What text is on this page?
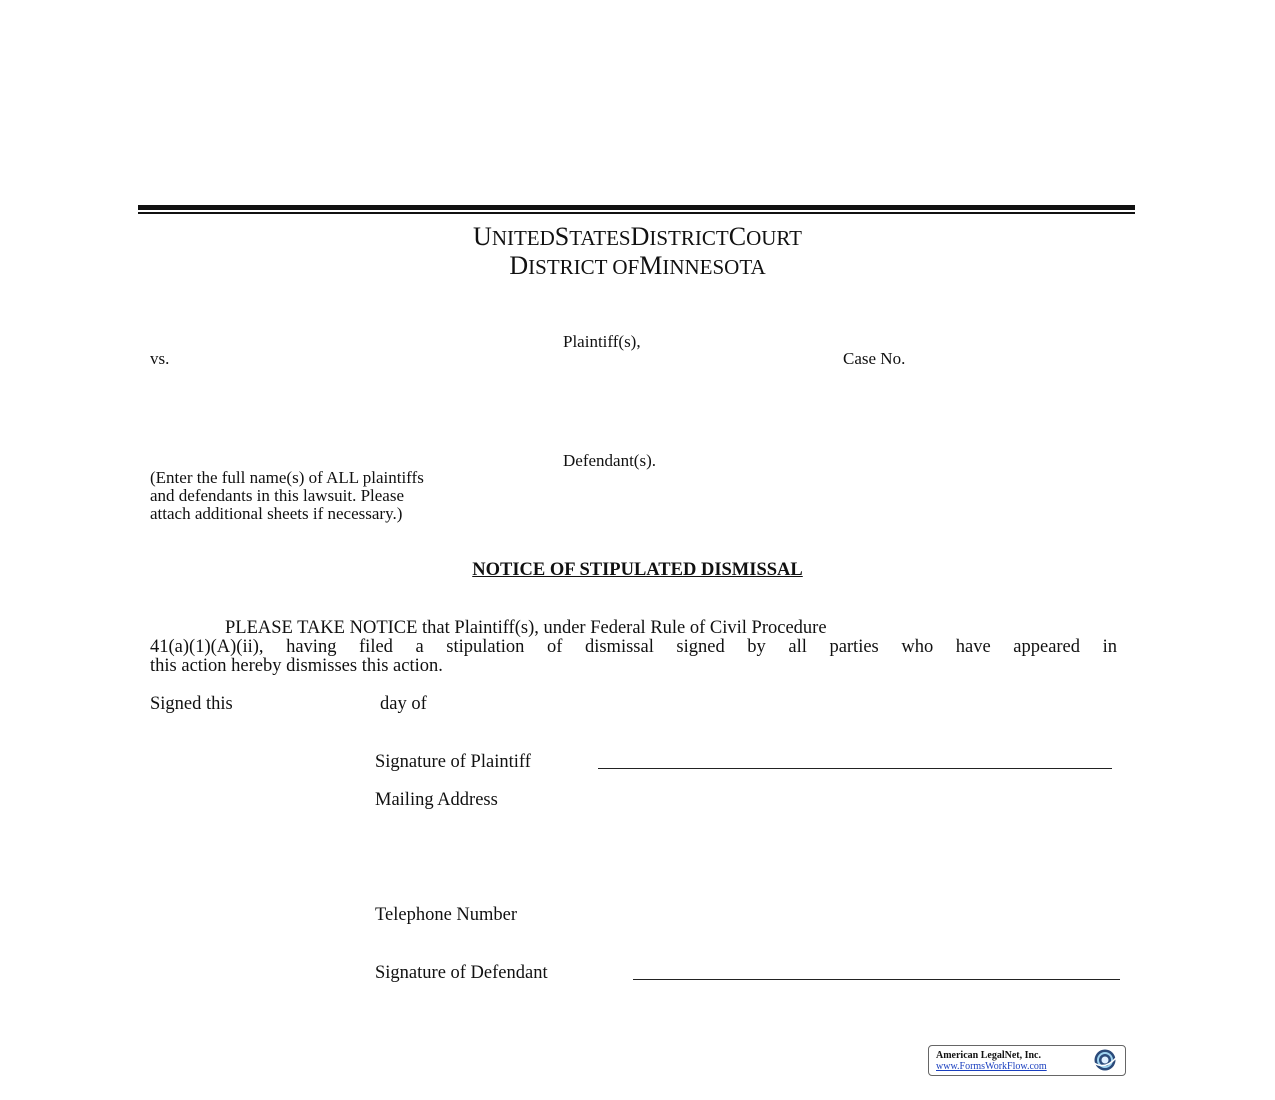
UNITEDSTATESDISTRICTCOURT
DISTRICT OFMINNESOTA
Plaintiff(s),
vs.	Case No.
Defendant(s).
(Enter the full name(s) of ALL plaintiffs
and defendants in this lawsuit. Please
attach additional sheets if necessary.)
NOTICE OF STIPULATED DISMISSAL
PLEASE TAKE NOTICE that Plaintiff(s), under Federal Rule of Civil Procedure
41(a)(1)(A)(ii), having filed a stipulation of dismissal signed by all parties who have appeared in
this action hereby dismisses this action.
Signed this	day of
Signature of Plaintiff
Mailing Address
Telephone Number
Signature of Defendant
American LegalNet, Inc.
www.FormsWorkFlow.com
